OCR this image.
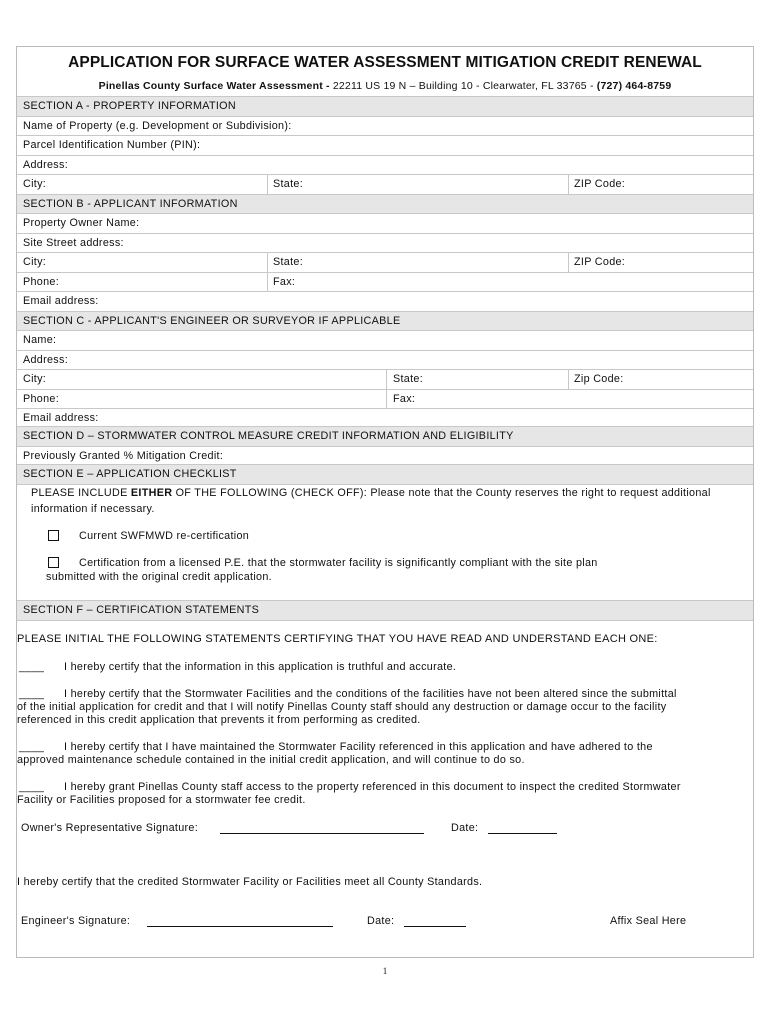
APPLICATION FOR SURFACE WATER ASSESSMENT MITIGATION CREDIT RENEWAL
Pinellas County Surface Water Assessment - 22211 US 19 N – Building 10 - Clearwater, FL 33765 - (727) 464-8759
SECTION A - PROPERTY INFORMATION
Name of Property (e.g. Development or Subdivision):
Parcel Identification Number (PIN):
Address:
City:	State:	ZIP Code:
SECTION B - APPLICANT INFORMATION
Property Owner Name:
Site Street address:
City:	State:	ZIP Code:
Phone:	Fax:
Email address:
SECTION C - APPLICANT'S ENGINEER OR SURVEYOR IF APPLICABLE
Name:
Address:
City:	State:	Zip Code:
Phone:	Fax:
Email address:
SECTION D – STORMWATER CONTROL MEASURE CREDIT INFORMATION AND ELIGIBILITY
Previously Granted % Mitigation Credit:
SECTION E – APPLICATION CHECKLIST
PLEASE INCLUDE EITHER OF THE FOLLOWING (CHECK OFF): Please note that the County reserves the right to request additional
information if necessary.
Current SWFMWD re-certification
Certification from a licensed P.E. that the stormwater facility is significantly compliant with the site plan
submitted with the original credit application.
SECTION F – CERTIFICATION STATEMENTS
PLEASE INITIAL THE FOLLOWING STATEMENTS CERTIFYING THAT YOU HAVE READ AND UNDERSTAND EACH ONE:
____ I hereby certify that the information in this application is truthful and accurate.
____ I hereby certify that the Stormwater Facilities and the conditions of the facilities have not been altered since the submittal
of the initial application for credit and that I will notify Pinellas County staff should any destruction or damage occur to the facility
referenced in this credit application that prevents it from performing as credited.
____ I hereby certify that I have maintained the Stormwater Facility referenced in this application and have adhered to the
approved maintenance schedule contained in the initial credit application, and will continue to do so.
____ I hereby grant Pinellas County staff access to the property referenced in this document to inspect the credited Stormwater
Facility or Facilities proposed for a stormwater fee credit.
Owner's Representative Signature:	Date:
I hereby certify that the credited Stormwater Facility or Facilities meet all County Standards.
Engineer's Signature:	Date:	Affix Seal Here
1
